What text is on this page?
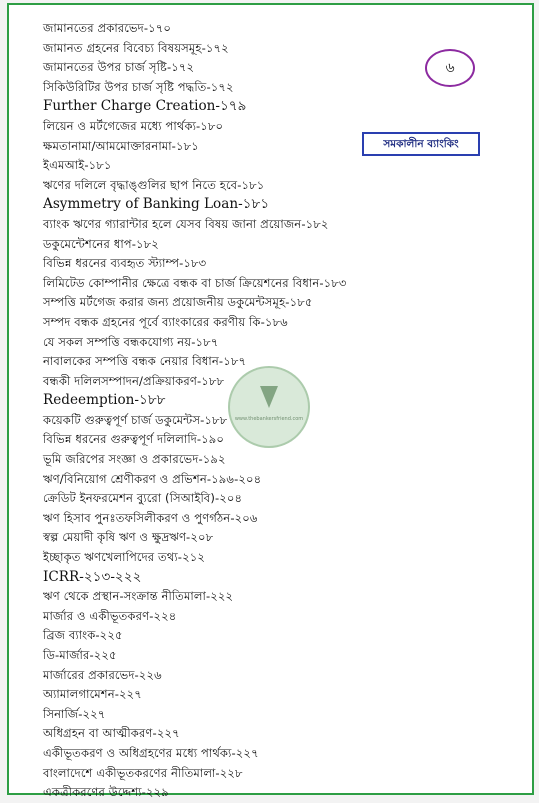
জামানতের প্রকারভেদ-১৭০
জামানত গ্রহনের বিবেচ্য বিষয়সমূহ-১৭২
জামানতের উপর চার্জ সৃষ্টি-১৭২
সিকিউরিটির উপর চার্জ সৃষ্টি পদ্ধতি-১৭২
Further Charge Creation-১৭৯
লিয়েন ও মর্টগেজের মধ্যে পার্থক্য-১৮০
ক্ষমতানামা/আমমোক্তারনামা-১৮১
ইএমআই-১৮১
ঋণের দলিলে বৃদ্ধাঙ্গুলির ছাপ নিতে হবে-১৮১
Asymmetry of Banking Loan-১৮১
ব্যাংক ঋণের গ্যারান্টার হলে যেসব বিষয় জানা প্রয়োজন-১৮২
ডকুমেন্টেশনের ধাপ-১৮২
বিভিন্ন ধরনের ব্যবহৃত স্ট্যাম্প-১৮৩
লিমিটেড কোম্পানীর ক্ষেত্রে বন্ধক বা চার্জ ক্রিয়েশনের বিধান-১৮৩
সম্পত্তি মর্টগেজ করার জন্য প্রয়োজনীয় ডকুমেন্টসমূহ-১৮৫
সম্পদ বন্ধক গ্রহনের পূর্বে ব্যাংকারের করণীয় কি-১৮৬
যে সকল সম্পত্তি বন্ধকযোগ্য নয়-১৮৭
নাবালকের সম্পত্তি বন্ধক নেয়ার বিধান-১৮৭
বন্ধকী দলিলসম্পাদন/প্রক্রিয়াকরণ-১৮৮
Redeemption-১৮৮
কয়েকটি গুরুত্বপূর্ণ চার্জ ডকুমেন্টস-১৮৮
বিভিন্ন ধরনের গুরুত্বপূর্ণ দলিলাদি-১৯০
ভূমি জরিপের সংজ্ঞা ও প্রকারভেদ-১৯২
ঋণ/বিনিয়োগ শ্রেণীকরণ ও প্রভিশন-১৯৬-২০৪
ক্রেডিট ইনফরমেশন ব্যুরো (সিআইবি)-২০৪
ঋণ হিসাব পুনঃতফসিলীকরণ ও পুণর্গঠন-২০৬
স্বল্প মেয়াদী কৃষি ঋণ ও ক্ষুদ্রঋণ-২০৮
ইচ্ছাকৃত ঋণখেলাপিদের তথ্য-২১২
ICRR-২১৩-২২২
ঋণ থেকে প্রস্থান-সংক্রান্ত নীতিমালা-২২২
মার্জার ও একীভূতকরণ-২২৪
ব্রিজ ব্যাংক-২২৫
ডি-মার্জার-২২৫
মার্জারের প্রকারভেদ-২২৬
অ্যামালগামেশন-২২৭
সিনার্জি-২২৭
অধিগ্রহন বা আত্মীকরণ-২২৭
একীভূতকরণ ও অধিগ্রহণের মধ্যে পার্থক্য-২২৭
বাংলাদেশে একীভূতকরণের নীতিমালা-২২৮
একত্রীকরণের উদ্দেশ্য-২২৯
৬
সমকালীন ব্যাংকিং
www.thebankersfriend.com
